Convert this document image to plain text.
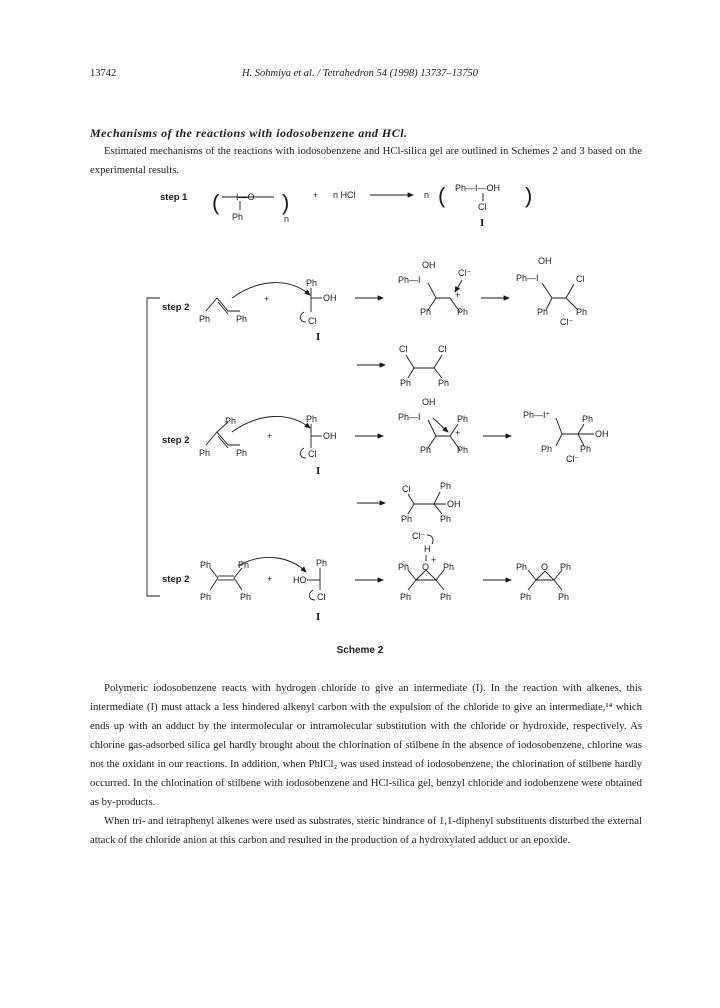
13742	H. Sohmiya et al. / Tetrahedron 54 (1998) 13737–13750
Mechanisms of the reactions with iodosobenzene and HCl.

Estimated mechanisms of the reactions with iodosobenzene and HCl-silica gel are outlined in Schemes 2 and 3 based on the experimental results.

step 1 (	)
I—O
Ph	n
+ n HCl	n (	)
Ph—I—OH
Cl
I
step 2
Ph	Ph
+
Ph
OH
Cl
I
OH
Ph—I
Ph	Ph
+
Cl⁻
OH
Ph—I	Cl
Ph	Ph
Cl⁻
Cl	Cl
Ph	Ph
step 2
Ph
Ph	Ph
+
Ph
OH
Cl
I
OH
Ph—I	Ph
Ph	Ph
+
Ph—I⁺	Ph
OH
Ph	Ph
Cl⁻
Cl	Ph
OH
Ph	Ph
step 2
Ph	Ph
Ph	Ph
+
Ph
HO
Cl
I
Cl⁻
H
O
+
Ph	Ph
Ph	Ph
O
Ph	Ph
Ph	Ph
Scheme 2

Polymeric iodosobenzene reacts with hydrogen chloride to give an intermediate (I). In the reaction with alkenes, this intermediate (I) must attack a less hindered alkenyl carbon with the expulsion of the chloride to give an intermediate,¹⁴ which ends up with an adduct by the intermolecular or intramolecular substitution with the chloride or hydroxide, respectively. As chlorine gas-adsorbed silica gel hardly brought about the chlorination of stilbene in the absence of iodosobenzene, chlorine was not the oxidant in our reactions. In addition, when PhICl₂ was used instead of iodosobenzene, the chlorination of stilbene hardly occurred. In the chlorination of stilbene with iodosobenzene and HCl-silica gel, benzyl chloride and iodobenzene were obtained as by-products.

When tri- and tetraphenyl alkenes were used as substrates, steric hindrance of 1,1-diphenyl substituents disturbed the external attack of the chloride anion at this carbon and resulted in the production of a hydroxylated adduct or an epoxide.
